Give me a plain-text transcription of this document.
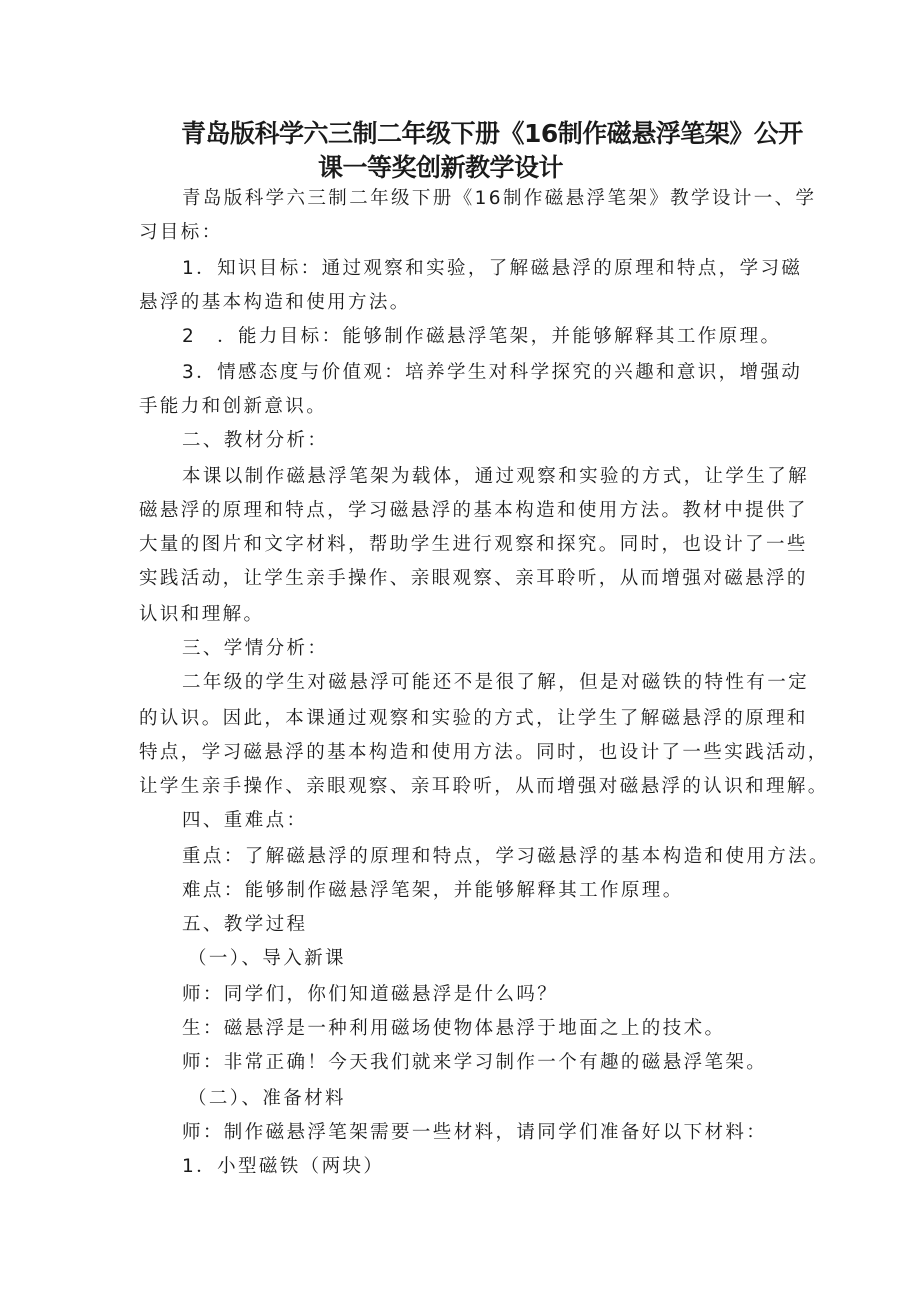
青岛版科学六三制二年级下册《16制作磁悬浮笔架》公开
课一等奖创新教学设计
青岛版科学六三制二年级下册《16制作磁悬浮笔架》教学设计一、学
习目标：
1．知识目标：通过观察和实验，了解磁悬浮的原理和特点，学习磁
悬浮的基本构造和使用方法。
2　．能力目标：能够制作磁悬浮笔架，并能够解释其工作原理。
3．情感态度与价值观：培养学生对科学探究的兴趣和意识，增强动
手能力和创新意识。
二、教材分析：
本课以制作磁悬浮笔架为载体，通过观察和实验的方式，让学生了解
磁悬浮的原理和特点，学习磁悬浮的基本构造和使用方法。教材中提供了
大量的图片和文字材料，帮助学生进行观察和探究。同时，也设计了一些
实践活动，让学生亲手操作、亲眼观察、亲耳聆听，从而增强对磁悬浮的
认识和理解。
三、学情分析：
二年级的学生对磁悬浮可能还不是很了解，但是对磁铁的特性有一定
的认识。因此，本课通过观察和实验的方式，让学生了解磁悬浮的原理和
特点，学习磁悬浮的基本构造和使用方法。同时，也设计了一些实践活动，
让学生亲手操作、亲眼观察、亲耳聆听，从而增强对磁悬浮的认识和理解。
四、重难点：
重点：了解磁悬浮的原理和特点，学习磁悬浮的基本构造和使用方法。
难点：能够制作磁悬浮笔架，并能够解释其工作原理。
五、教学过程
（一）、导入新课
师：同学们，你们知道磁悬浮是什么吗？
生：磁悬浮是一种利用磁场使物体悬浮于地面之上的技术。
师：非常正确！今天我们就来学习制作一个有趣的磁悬浮笔架。
（二）、准备材料
师：制作磁悬浮笔架需要一些材料，请同学们准备好以下材料：
1．小型磁铁（两块）
